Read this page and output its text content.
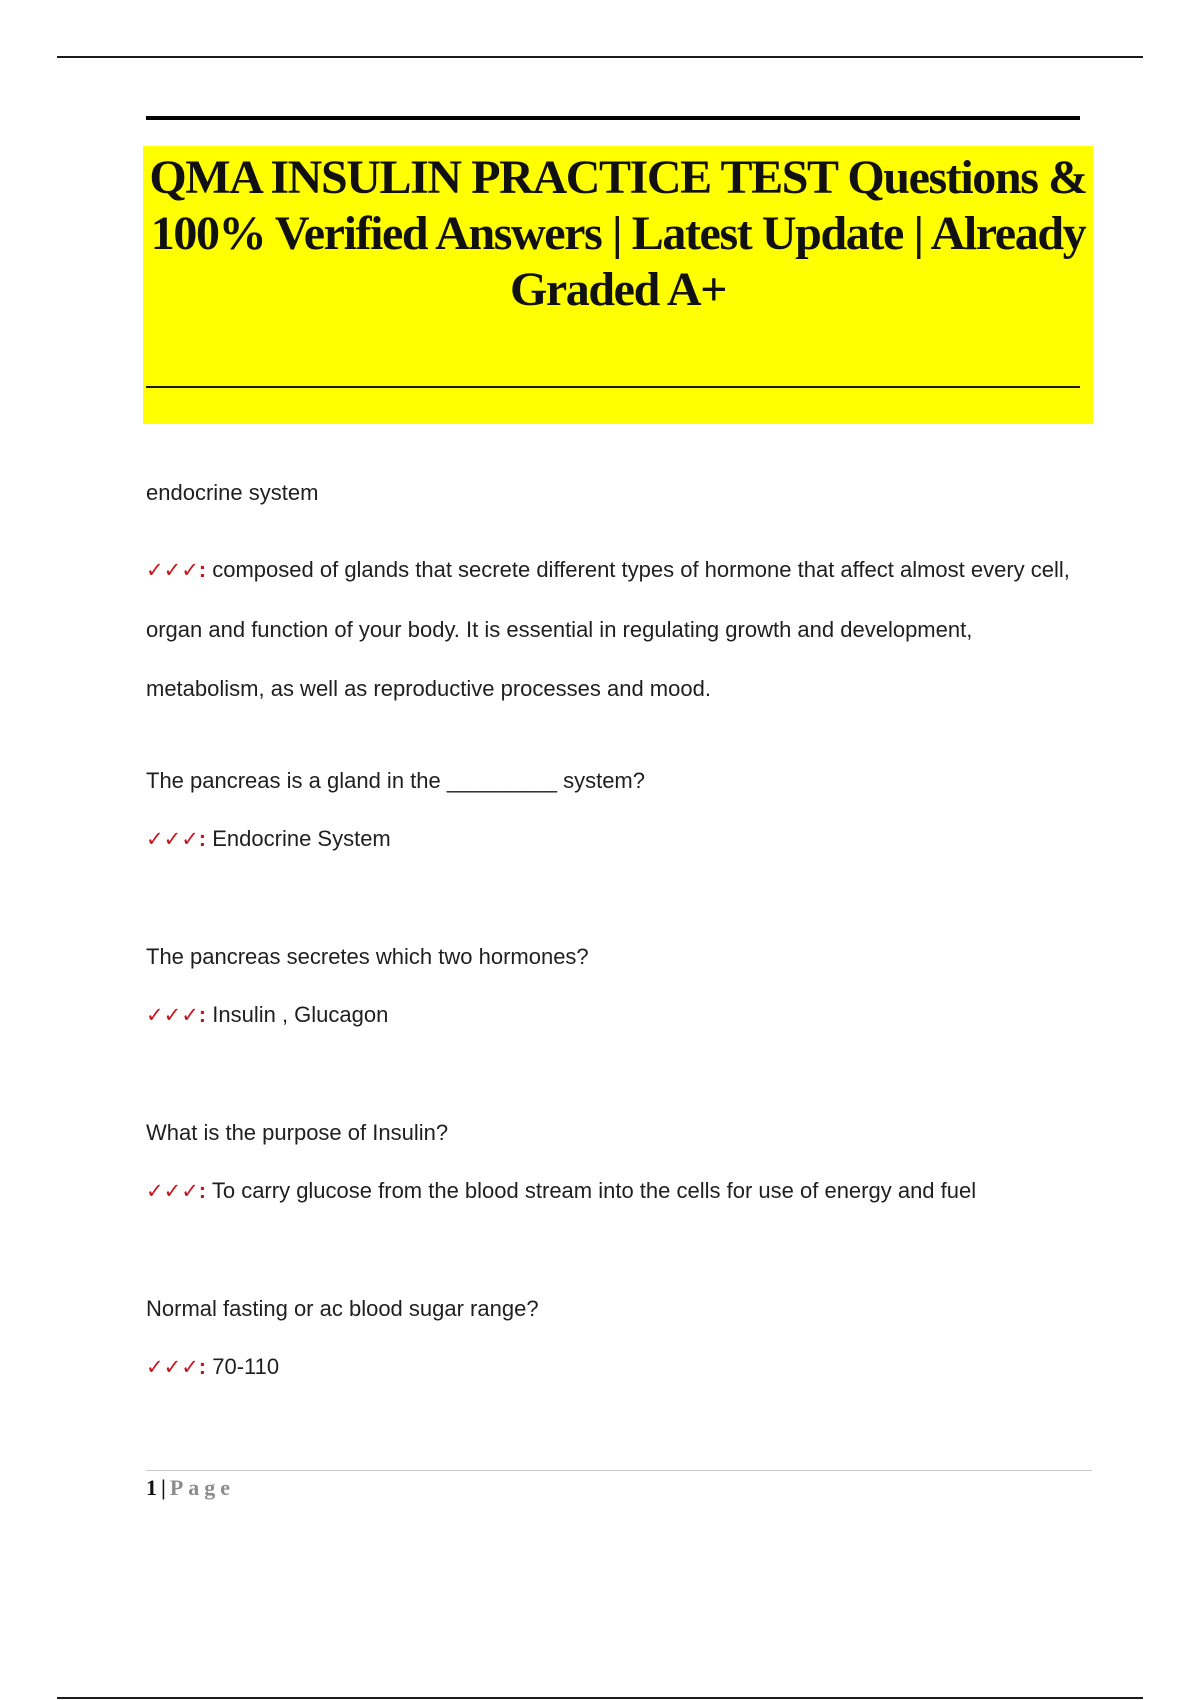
QMA INSULIN PRACTICE TEST Questions & 100% Verified Answers | Latest Update | Already Graded A+

endocrine system

✓✓✓: composed of glands that secrete different types of hormone that affect almost every cell, organ and function of your body. It is essential in regulating growth and development, metabolism, as well as reproductive processes and mood.

The pancreas is a gland in the _________ system?

✓✓✓: Endocrine System

The pancreas secretes which two hormones?

✓✓✓: Insulin , Glucagon

What is the purpose of Insulin?

✓✓✓: To carry glucose from the blood stream into the cells for use of energy and fuel

Normal fasting or ac blood sugar range?

✓✓✓: 70-110

1 | Page
